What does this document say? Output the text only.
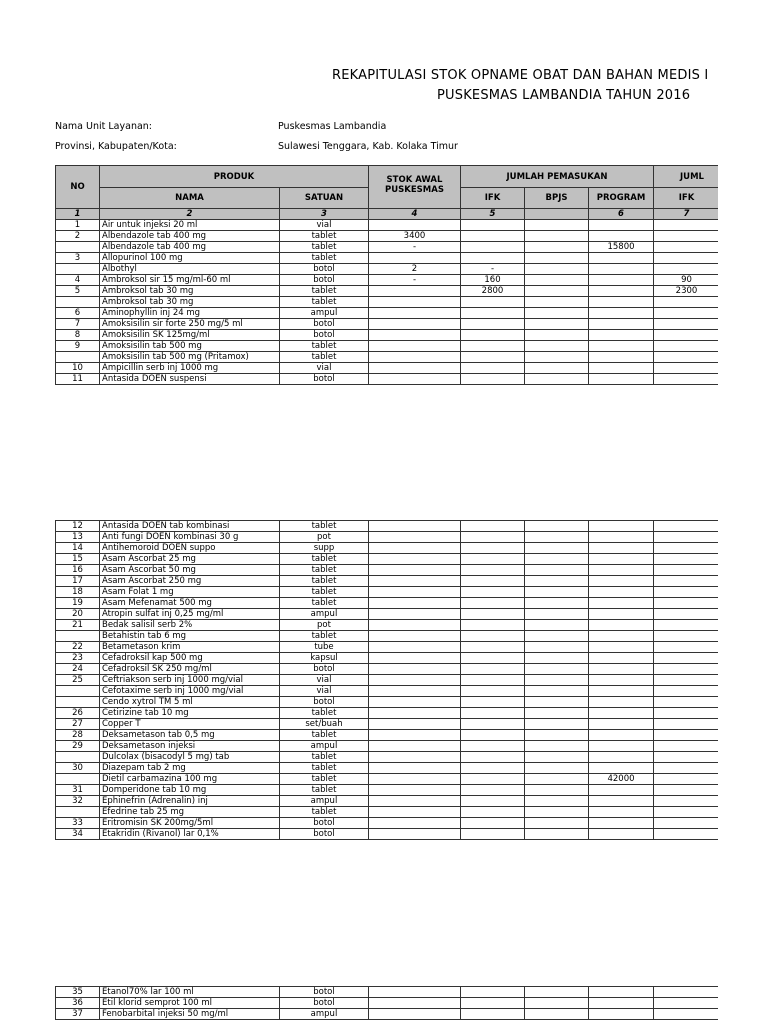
REKAPITULASI STOK OPNAME OBAT DAN BAHAN MEDIS I
PUSKESMAS LAMBANDIA TAHUN 2016
Nama Unit Layanan:	Puskesmas Lambandia
Provinsi, Kabupaten/Kota:	Sulawesi Tenggara, Kab. Kolaka Timur
NO	PRODUK		STOK AWAL PUSKESMAS	JUMLAH PEMASUKAN			JUML
	NAMA	SATUAN		IFK	BPJS	PROGRAM	IFK
1	2	3	4	5		6	7
1	Air untuk injeksi 20 ml	vial					
2	Albendazole tab 400 mg	tablet	3400				
	Albendazole tab 400 mg	tablet	-			15800	
3	Allopurinol 100 mg	tablet					
	Albothyl	botol	2	-			
4	Ambroksol sir 15 mg/ml-60 ml	botol	-	160			90
5	Ambroksol tab 30 mg	tablet		2800			2300
	Ambroksol tab 30 mg	tablet					
6	Aminophyllin inj 24 mg	ampul					
7	Amoksisilin sir forte 250 mg/5 ml	botol					
8	Amoksisilin SK 125mg/ml	botol					
9	Amoksisilin tab 500 mg	tablet					
	Amoksisilin tab 500 mg (Pritamox)	tablet					
10	Ampicillin serb inj 1000 mg	vial					
11	Antasida DOEN suspensi	botol					
12	Antasida DOEN tab kombinasi	tablet					
13	Anti fungi DOEN kombinasi 30 g	pot					
14	Antihemoroid DOEN suppo	supp					
15	Asam Ascorbat 25 mg	tablet					
16	Asam Ascorbat 50 mg	tablet					
17	Asam Ascorbat 250 mg	tablet					
18	Asam Folat 1 mg	tablet					
19	Asam Mefenamat 500 mg	tablet					
20	Atropin sulfat inj 0,25 mg/ml	ampul					
21	Bedak salisil serb 2%	pot					
	Betahistin tab 6 mg	tablet					
22	Betametason krim	tube					
23	Cefadroksil kap 500 mg	kapsul					
24	Cefadroksil SK 250 mg/ml	botol					
25	Ceftriakson serb inj 1000 mg/vial	vial					
	Cefotaxime serb inj 1000 mg/vial	vial					
	Cendo xytrol TM 5 ml	botol					
26	Cetirizine tab 10 mg	tablet					
27	Copper T	set/buah					
28	Deksametason tab 0,5 mg	tablet					
29	Deksametason injeksi	ampul					
	Dulcolax (bisacodyl 5 mg) tab	tablet					
30	Diazepam tab 2 mg	tablet					
	Dietil carbamazina 100 mg	tablet				42000	
31	Domperidone tab 10 mg	tablet					
32	Ephinefrin (Adrenalin) inj	ampul					
	Efedrine tab 25 mg	tablet					
33	Eritromisin SK 200mg/5ml	botol					
34	Etakridin (Rivanol) lar 0,1%	botol					
35	Etanol70% lar 100 ml	botol					
36	Etil klorid semprot 100 ml	botol					
37	Fenobarbital injeksi 50 mg/ml	ampul					
